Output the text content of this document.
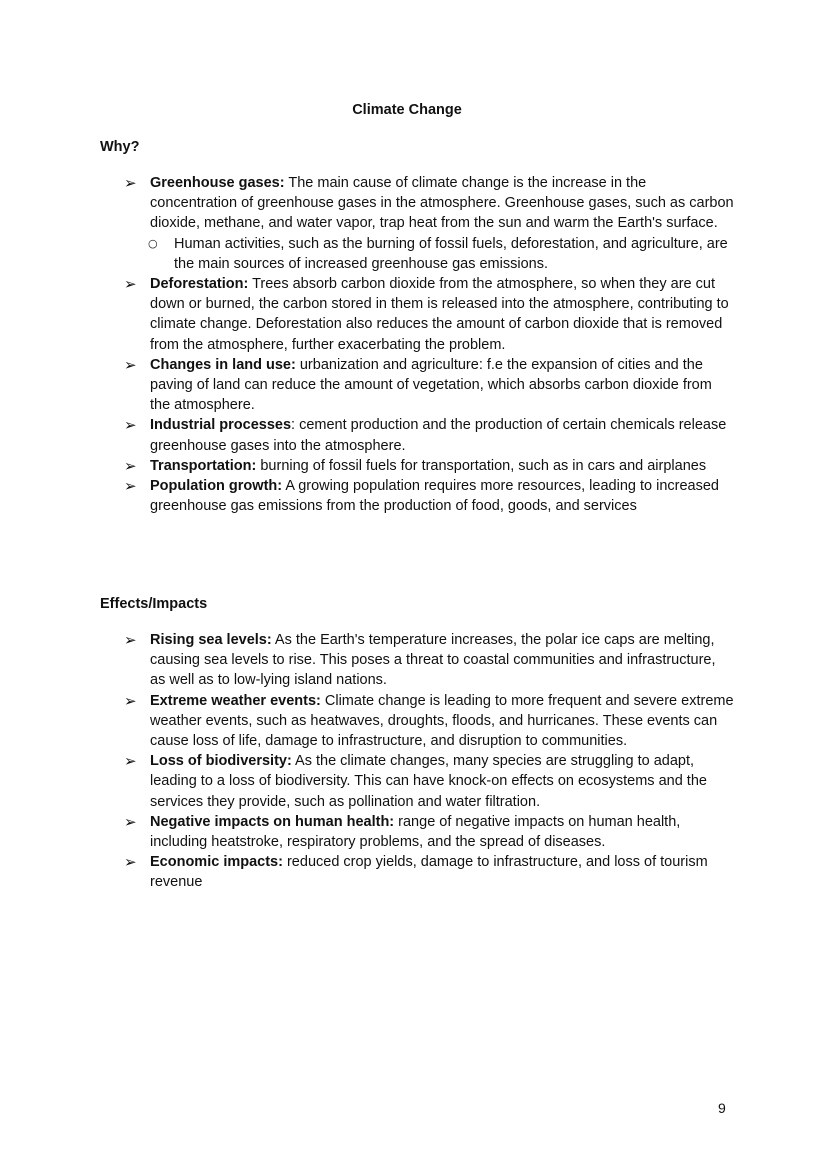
Climate Change
Why?
➢ Greenhouse gases: The main cause of climate change is the increase in the concentration of greenhouse gases in the atmosphere. Greenhouse gases, such as carbon dioxide, methane, and water vapor, trap heat from the sun and warm the Earth's surface.
○ Human activities, such as the burning of fossil fuels, deforestation, and agriculture, are the main sources of increased greenhouse gas emissions.
➢ Deforestation: Trees absorb carbon dioxide from the atmosphere, so when they are cut down or burned, the carbon stored in them is released into the atmosphere, contributing to climate change. Deforestation also reduces the amount of carbon dioxide that is removed from the atmosphere, further exacerbating the problem.
➢ Changes in land use: urbanization and agriculture: f.e the expansion of cities and the paving of land can reduce the amount of vegetation, which absorbs carbon dioxide from the atmosphere.
➢ Industrial processes: cement production and the production of certain chemicals release greenhouse gases into the atmosphere.
➢ Transportation: burning of fossil fuels for transportation, such as in cars and airplanes
➢ Population growth: A growing population requires more resources, leading to increased greenhouse gas emissions from the production of food, goods, and services
Effects/Impacts
➢ Rising sea levels: As the Earth's temperature increases, the polar ice caps are melting, causing sea levels to rise. This poses a threat to coastal communities and infrastructure, as well as to low-lying island nations.
➢ Extreme weather events: Climate change is leading to more frequent and severe extreme weather events, such as heatwaves, droughts, floods, and hurricanes. These events can cause loss of life, damage to infrastructure, and disruption to communities.
➢ Loss of biodiversity: As the climate changes, many species are struggling to adapt, leading to a loss of biodiversity. This can have knock-on effects on ecosystems and the services they provide, such as pollination and water filtration.
➢ Negative impacts on human health: range of negative impacts on human health, including heatstroke, respiratory problems, and the spread of diseases.
➢ Economic impacts: reduced crop yields, damage to infrastructure, and loss of tourism revenue
9
